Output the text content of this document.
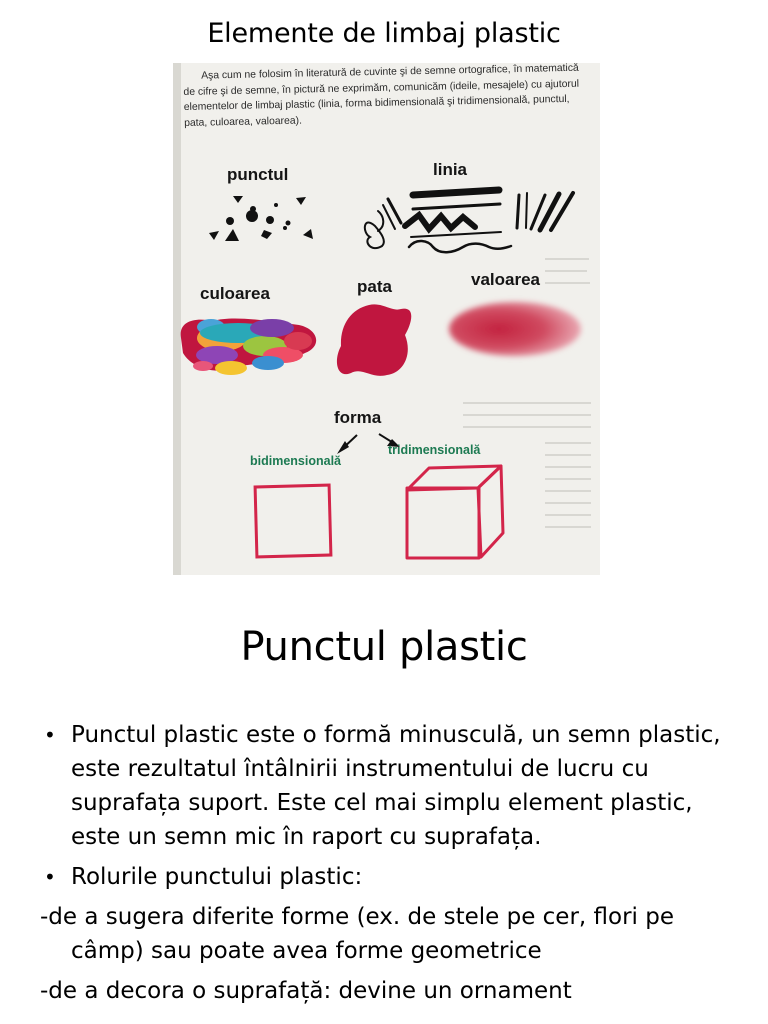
Elemente de limbaj plastic
Aşa cum ne folosim în literatură de cuvinte şi de semne ortografice, în matematică de cifre şi de semne, în pictură ne exprimăm, comunicăm (ideile, mesajele) cu ajutorul elementelor de limbaj plastic (linia, forma bidimensională şi tridimensională, punctul, pata, culoarea, valoarea).
punctul	linia
culoarea	pata	valoarea
forma
bidimensională
tridimensională
Punctul plastic
• Punctul plastic este o formă minusculă, un semn plastic, este rezultatul întâlnirii instrumentului de lucru cu suprafața suport. Este cel mai simplu element plastic, este un semn mic în raport cu suprafața.
• Rolurile punctului plastic:
-de a sugera diferite forme (ex. de stele pe cer, flori pe câmp) sau poate avea forme geometrice
-de a decora o suprafață: devine un ornament
